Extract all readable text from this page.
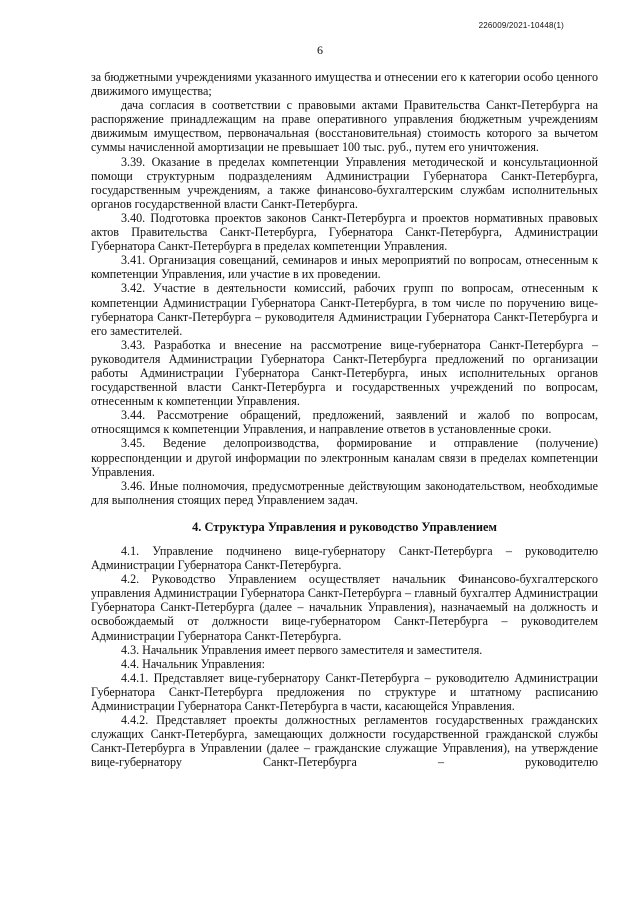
226009/2021-10448(1)
6

за бюджетными учреждениями указанного имущества и отнесении его к категории особо ценного движимого имущества;

дача согласия в соответствии с правовыми актами Правительства Санкт-Петербурга на распоряжение принадлежащим на праве оперативного управления бюджетным учреждениям движимым имуществом, первоначальная (восстановительная) стоимость которого за вычетом суммы начисленной амортизации не превышает 100 тыс. руб., путем его уничтожения.

3.39. Оказание в пределах компетенции Управления методической и консультационной помощи структурным подразделениям Администрации Губернатора Санкт-Петербурга, государственным учреждениям, а также финансово-бухгалтерским службам исполнительных органов государственной власти Санкт-Петербурга.

3.40. Подготовка проектов законов Санкт-Петербурга и проектов нормативных правовых актов Правительства Санкт-Петербурга, Губернатора Санкт-Петербурга, Администрации Губернатора Санкт-Петербурга в пределах компетенции Управления.

3.41. Организация совещаний, семинаров и иных мероприятий по вопросам, отнесенным к компетенции Управления, или участие в их проведении.

3.42. Участие в деятельности комиссий, рабочих групп по вопросам, отнесенным к компетенции Администрации Губернатора Санкт-Петербурга, в том числе по поручению вице-губернатора Санкт-Петербурга – руководителя Администрации Губернатора Санкт-Петербурга и его заместителей.

3.43. Разработка и внесение на рассмотрение вице-губернатора Санкт-Петербурга – руководителя Администрации Губернатора Санкт-Петербурга предложений по организации работы Администрации Губернатора Санкт-Петербурга, иных исполнительных органов государственной власти Санкт-Петербурга и государственных учреждений по вопросам, отнесенным к компетенции Управления.

3.44. Рассмотрение обращений, предложений, заявлений и жалоб по вопросам, относящимся к компетенции Управления, и направление ответов в установленные сроки.

3.45. Ведение делопроизводства, формирование и отправление (получение) корреспонденции и другой информации по электронным каналам связи в пределах компетенции Управления.

3.46. Иные полномочия, предусмотренные действующим законодательством, необходимые для выполнения стоящих перед Управлением задач.

4. Структура Управления и руководство Управлением

4.1. Управление подчинено вице-губернатору Санкт-Петербурга – руководителю Администрации Губернатора Санкт-Петербурга.

4.2. Руководство Управлением осуществляет начальник Финансово-бухгалтерского управления Администрации Губернатора Санкт-Петербурга – главный бухгалтер Администрации Губернатора Санкт-Петербурга (далее – начальник Управления), назначаемый на должность и освобождаемый от должности вице-губернатором Санкт-Петербурга – руководителем Администрации Губернатора Санкт-Петербурга.

4.3. Начальник Управления имеет первого заместителя и заместителя.

4.4. Начальник Управления:

4.4.1. Представляет вице-губернатору Санкт-Петербурга – руководителю Администрации Губернатора Санкт-Петербурга предложения по структуре и штатному расписанию Администрации Губернатора Санкт-Петербурга в части, касающейся Управления.

4.4.2. Представляет проекты должностных регламентов государственных гражданских служащих Санкт-Петербурга, замещающих должности государственной гражданской службы Санкт-Петербурга в Управлении (далее – гражданские служащие Управления), на утверждение вице-губернатору Санкт-Петербурга – руководителю
